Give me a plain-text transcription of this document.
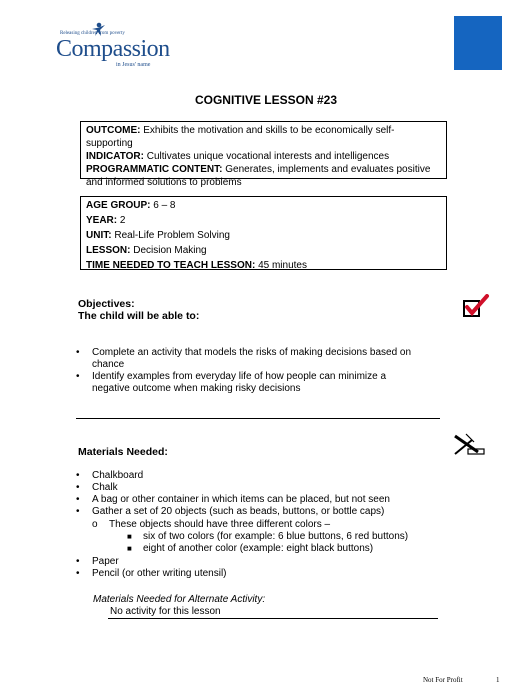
Releasing children from poverty
Compassion
in Jesus' name
COGNITIVE LESSON #23
OUTCOME: Exhibits the motivation and skills to be economically self-supporting
INDICATOR: Cultivates unique vocational interests and intelligences
PROGRAMMATIC CONTENT: Generates, implements and evaluates positive
and informed solutions to problems
AGE GROUP: 6 – 8
YEAR: 2
UNIT: Real-Life Problem Solving
LESSON: Decision Making
TIME NEEDED TO TEACH LESSON: 45 minutes
Objectives:
The child will be able to:
• Complete an activity that models the risks of making decisions based on
chance
• Identify examples from everyday life of how people can minimize a
negative outcome when making risky decisions
Materials Needed:
• Chalkboard
• Chalk
• A bag or other container in which items can be placed, but not seen
• Gather a set of 20 objects (such as beads, buttons, or bottle caps)
o These objects should have three different colors –
■ six of two colors (for example: 6 blue buttons, 6 red buttons)
■ eight of another color (example: eight black buttons)
• Paper
• Pencil (or other writing utensil)
Materials Needed for Alternate Activity:
No activity for this lesson
Not For Profit	1
